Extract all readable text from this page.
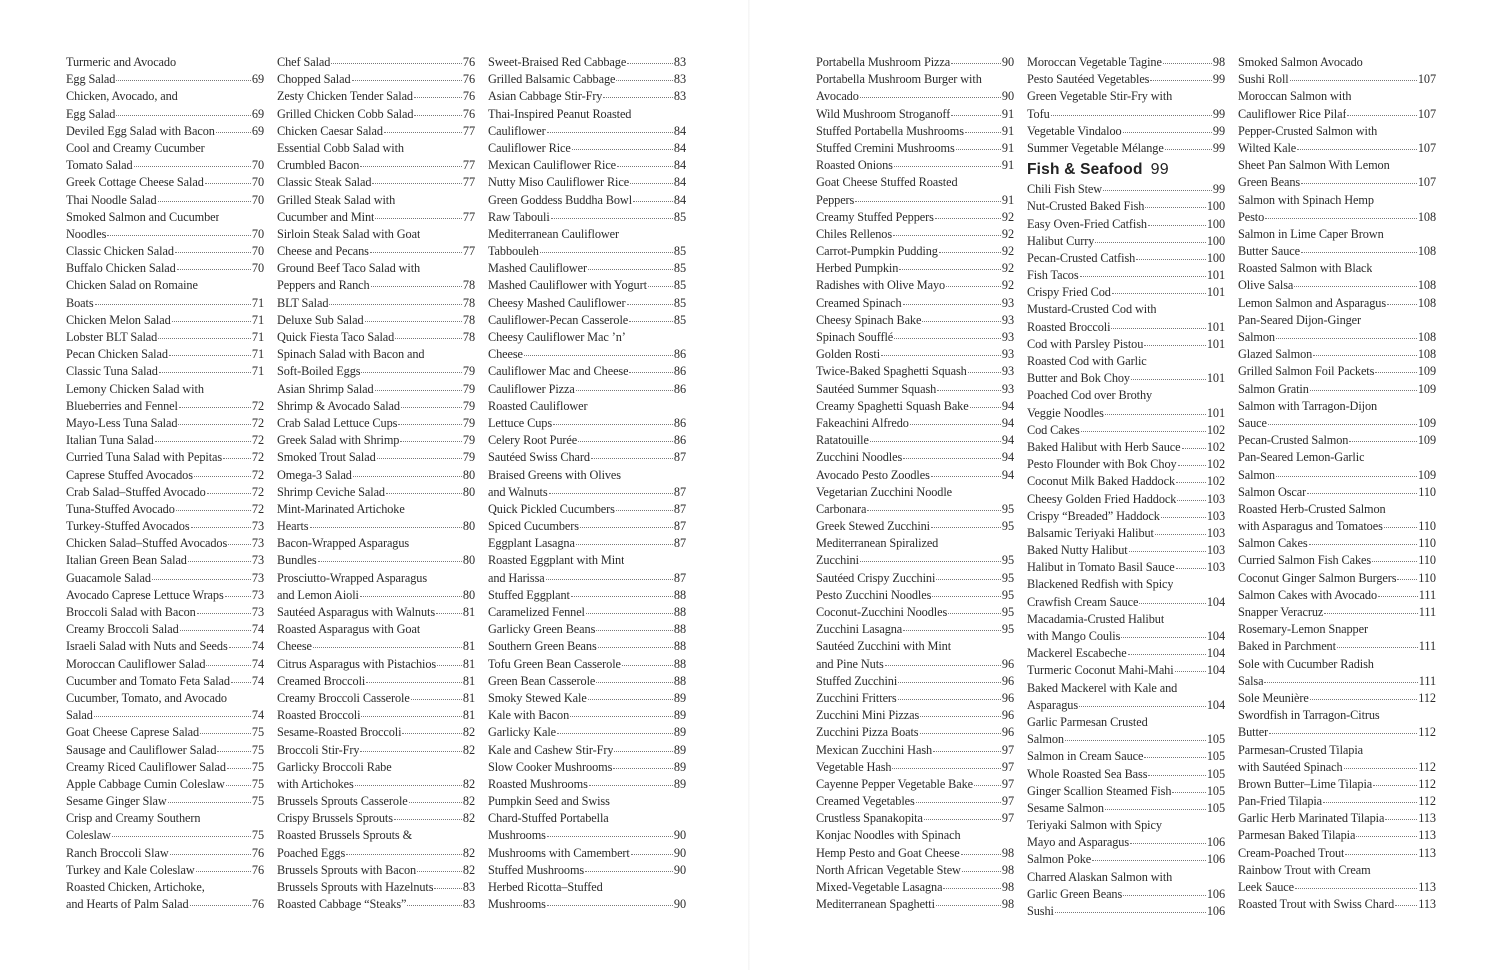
Turmeric and Avocado
Egg Salad	69
Chicken, Avocado, and
Egg Salad	69
Deviled Egg Salad with Bacon	69
Cool and Creamy Cucumber
Tomato Salad	70
Greek Cottage Cheese Salad	70
Thai Noodle Salad	70
Smoked Salmon and Cucumber
Noodles	70
Classic Chicken Salad	70
Buffalo Chicken Salad	70
Chicken Salad on Romaine
Boats	71
Chicken Melon Salad	71
Lobster BLT Salad	71
Pecan Chicken Salad	71
Classic Tuna Salad	71
Lemony Chicken Salad with
Blueberries and Fennel	72
Mayo-Less Tuna Salad	72
Italian Tuna Salad	72
Curried Tuna Salad with Pepitas 72
Caprese Stuffed Avocados	72
Crab Salad–Stuffed Avocado	72
Tuna-Stuffed Avocado	72
Turkey-Stuffed Avocados	73
Chicken Salad–Stuffed Avocados 73
Italian Green Bean Salad	73
Guacamole Salad	73
Avocado Caprese Lettuce Wraps 73
Broccoli Salad with Bacon	73
Creamy Broccoli Salad	74
Israeli Salad with Nuts and Seeds 74
Moroccan Cauliflower Salad	74
Cucumber and Tomato Feta Salad 74
Cucumber, Tomato, and Avocado
Salad	74
Goat Cheese Caprese Salad	75
Sausage and Cauliflower Salad	75
Creamy Riced Cauliflower Salad 75
Apple Cabbage Cumin Coleslaw 75
Sesame Ginger Slaw	75
Crisp and Creamy Southern
Coleslaw	75
Ranch Broccoli Slaw	76
Turkey and Kale Coleslaw	76
Roasted Chicken, Artichoke,
and Hearts of Palm Salad	76
Chef Salad	76
Chopped Salad	76
Zesty Chicken Tender Salad	76
Grilled Chicken Cobb Salad	76
Chicken Caesar Salad	77
Essential Cobb Salad with
Crumbled Bacon	77
Classic Steak Salad	77
Grilled Steak Salad with
Cucumber and Mint	77
Sirloin Steak Salad with Goat
Cheese and Pecans	77
Ground Beef Taco Salad with
Peppers and Ranch	78
BLT Salad	78
Deluxe Sub Salad	78
Quick Fiesta Taco Salad	78
Spinach Salad with Bacon and
Soft-Boiled Eggs	79
Asian Shrimp Salad	79
Shrimp & Avocado Salad	79
Crab Salad Lettuce Cups	79
Greek Salad with Shrimp	79
Smoked Trout Salad	79
Omega-3 Salad	80
Shrimp Ceviche Salad	80
Mint-Marinated Artichoke
Hearts	80
Bacon-Wrapped Asparagus
Bundles	80
Prosciutto-Wrapped Asparagus
and Lemon Aioli	80
Sautéed Asparagus with Walnuts 81
Roasted Asparagus with Goat
Cheese	81
Citrus Asparagus with Pistachios 81
Creamed Broccoli	81
Creamy Broccoli Casserole	81
Roasted Broccoli	81
Sesame-Roasted Broccoli	82
Broccoli Stir-Fry	82
Garlicky Broccoli Rabe
with Artichokes	82
Brussels Sprouts Casserole	82
Crispy Brussels Sprouts	82
Roasted Brussels Sprouts &
Poached Eggs	82
Brussels Sprouts with Bacon	82
Brussels Sprouts with Hazelnuts 83
Roasted Cabbage “Steaks”	83
Sweet-Braised Red Cabbage	83
Grilled Balsamic Cabbage	83
Asian Cabbage Stir-Fry	83
Thai-Inspired Peanut Roasted
Cauliflower	84
Cauliflower Rice	84
Mexican Cauliflower Rice	84
Nutty Miso Cauliflower Rice	84
Green Goddess Buddha Bowl	84
Raw Tabouli	85
Mediterranean Cauliflower
Tabbouleh	85
Mashed Cauliflower	85
Mashed Cauliflower with Yogurt 85
Cheesy Mashed Cauliflower	85
Cauliflower-Pecan Casserole	85
Cheesy Cauliflower Mac ’n’
Cheese	86
Cauliflower Mac and Cheese	86
Cauliflower Pizza	86
Roasted Cauliflower
Lettuce Cups	86
Celery Root Purée	86
Sautéed Swiss Chard	87
Braised Greens with Olives
and Walnuts	87
Quick Pickled Cucumbers	87
Spiced Cucumbers	87
Eggplant Lasagna	87
Roasted Eggplant with Mint
and Harissa	87
Stuffed Eggplant	88
Caramelized Fennel	88
Garlicky Green Beans	88
Southern Green Beans	88
Tofu Green Bean Casserole	88
Green Bean Casserole	88
Smoky Stewed Kale	89
Kale with Bacon	89
Garlicky Kale	89
Kale and Cashew Stir-Fry	89
Slow Cooker Mushrooms	89
Roasted Mushrooms	89
Pumpkin Seed and Swiss
Chard-Stuffed Portabella
Mushrooms	90
Mushrooms with Camembert	90
Stuffed Mushrooms	90
Herbed Ricotta–Stuffed
Mushrooms	90
Portabella Mushroom Pizza	90
Portabella Mushroom Burger with
Avocado	90
Wild Mushroom Stroganoff	91
Stuffed Portabella Mushrooms	91
Stuffed Cremini Mushrooms	91
Roasted Onions	91
Goat Cheese Stuffed Roasted
Peppers	91
Creamy Stuffed Peppers	92
Chiles Rellenos	92
Carrot-Pumpkin Pudding	92
Herbed Pumpkin	92
Radishes with Olive Mayo	92
Creamed Spinach	93
Cheesy Spinach Bake	93
Spinach Soufflé	93
Golden Rosti	93
Twice-Baked Spaghetti Squash	93
Sautéed Summer Squash	93
Creamy Spaghetti Squash Bake	94
Fakeachini Alfredo	94
Ratatouille	94
Zucchini Noodles	94
Avocado Pesto Zoodles	94
Vegetarian Zucchini Noodle
Carbonara	95
Greek Stewed Zucchini	95
Mediterranean Spiralized
Zucchini	95
Sautéed Crispy Zucchini	95
Pesto Zucchini Noodles	95
Coconut-Zucchini Noodles	95
Zucchini Lasagna	95
Sautéed Zucchini with Mint
and Pine Nuts	96
Stuffed Zucchini	96
Zucchini Fritters	96
Zucchini Mini Pizzas	96
Zucchini Pizza Boats	96
Mexican Zucchini Hash	97
Vegetable Hash	97
Cayenne Pepper Vegetable Bake 97
Creamed Vegetables	97
Crustless Spanakopita	97
Konjac Noodles with Spinach
Hemp Pesto and Goat Cheese	98
North African Vegetable Stew	98
Mixed-Vegetable Lasagna	98
Mediterranean Spaghetti	98
Moroccan Vegetable Tagine	98
Pesto Sautéed Vegetables	99
Green Vegetable Stir-Fry with
Tofu	99
Vegetable Vindaloo	99
Summer Vegetable Mélange	99
Fish & Seafood 99
Chili Fish Stew	99
Nut-Crusted Baked Fish	100
Easy Oven-Fried Catfish	100
Halibut Curry	100
Pecan-Crusted Catfish	100
Fish Tacos	101
Crispy Fried Cod	101
Mustard-Crusted Cod with
Roasted Broccoli	101
Cod with Parsley Pistou	101
Roasted Cod with Garlic
Butter and Bok Choy	101
Poached Cod over Brothy
Veggie Noodles	101
Cod Cakes	102
Baked Halibut with Herb Sauce 102
Pesto Flounder with Bok Choy 102
Coconut Milk Baked Haddock	102
Cheesy Golden Fried Haddock 103
Crispy “Breaded” Haddock	103
Balsamic Teriyaki Halibut	103
Baked Nutty Halibut	103
Halibut in Tomato Basil Sauce	103
Blackened Redfish with Spicy
Crawfish Cream Sauce	104
Macadamia-Crusted Halibut
with Mango Coulis	104
Mackerel Escabeche	104
Turmeric Coconut Mahi-Mahi	104
Baked Mackerel with Kale and
Asparagus	104
Garlic Parmesan Crusted
Salmon	105
Salmon in Cream Sauce	105
Whole Roasted Sea Bass	105
Ginger Scallion Steamed Fish	105
Sesame Salmon	105
Teriyaki Salmon with Spicy
Mayo and Asparagus	106
Salmon Poke	106
Charred Alaskan Salmon with
Garlic Green Beans	106
Sushi	106
Smoked Salmon Avocado
Sushi Roll	107
Moroccan Salmon with
Cauliflower Rice Pilaf	107
Pepper-Crusted Salmon with
Wilted Kale	107
Sheet Pan Salmon With Lemon
Green Beans	107
Salmon with Spinach Hemp
Pesto	108
Salmon in Lime Caper Brown
Butter Sauce	108
Roasted Salmon with Black
Olive Salsa	108
Lemon Salmon and Asparagus	108
Pan-Seared Dijon-Ginger
Salmon	108
Glazed Salmon	108
Grilled Salmon Foil Packets	109
Salmon Gratin	109
Salmon with Tarragon-Dijon
Sauce	109
Pecan-Crusted Salmon	109
Pan-Seared Lemon-Garlic
Salmon	109
Salmon Oscar	110
Roasted Herb-Crusted Salmon
with Asparagus and Tomatoes	110
Salmon Cakes	110
Curried Salmon Fish Cakes	110
Coconut Ginger Salmon Burgers 110
Salmon Cakes with Avocado	111
Snapper Veracruz	111
Rosemary-Lemon Snapper
Baked in Parchment	111
Sole with Cucumber Radish
Salsa	111
Sole Meunière	112
Swordfish in Tarragon-Citrus
Butter	112
Parmesan-Crusted Tilapia
with Sautéed Spinach	112
Brown Butter–Lime Tilapia	112
Pan-Fried Tilapia	112
Garlic Herb Marinated Tilapia	113
Parmesan Baked Tilapia	113
Cream-Poached Trout	113
Rainbow Trout with Cream
Leek Sauce	113
Roasted Trout with Swiss Chard 113
